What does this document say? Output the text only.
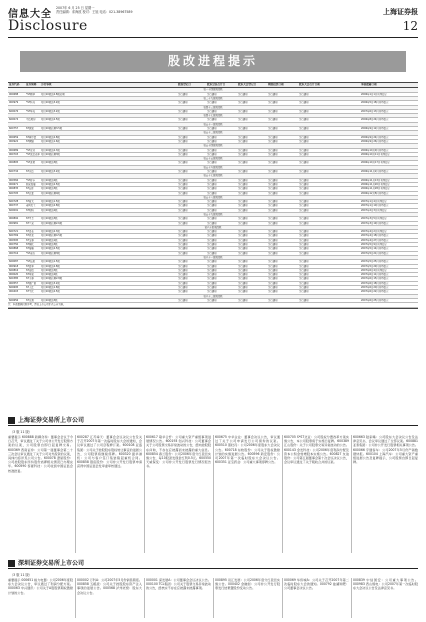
信息大全
2007年 6 月 25 日 星期一
责任编辑：邓海波 校对：王旭 电话：021-38967589	上海证券报
Disclosure	12
股改进程提示
证券代码	证券简称	另付事项	股权登记日	股东会议召开日	股东大会登记日	网络投票日期	股东大会召开日期	事前披露日期
第一十四批股改股
000688	*ST朝华	对价10股送2.8股转增	另行通知	另行通知	另行通知	另行通知	另行通知	2006年1月1日刊登提示
第二十九批股改股
000979	*ST科苑	对价10股送3.2股	另行通知	另行通知	另行通知	另行通知	另行通知	2006年5月18日刊登提示
第四十三批股改股
600076	*ST华光	对价10股送3.2股	另行通知	另行通知	另行通知	另行通知	另行通知	2007年6月13日刊登提示
第四十七批股改股
600074	中达股份	对价10股送2.5股	另行通知	另行通知	另行通知	另行通知	另行通知	2006年8月24日刊登提示
第五十一批股改股
600757	ST源发	对价10股转增3.5股	另行通知	另行通知	另行通知	另行通知	另行通知	2006年9月12日刊登提示
第五十二批股改股
000659	ST珠中富	对价10股送2.8股	另行通知	另行通知	另行通知	另行通知	另行通知	2006年9月24日刊登提示
000922	ST阿继	对价10股送1.6股	另行通知	另行通知	另行通知	另行通知	另行通知	2006年9月26日刊登提示
第五十四批股改股
000689	*ST宏业	对价10股送2.3股	另行通知	另行通知	另行通知	另行通知	另行通知	2006年10月9日刊登提示
000703	*ST世纪光华 对价10股转增3股	另行通知	另行通知	另行通知	另行通知	另行通知	2006年10月11日刊登提示
第五十五批股改股
000805	*ST炎黄	对价10股送3股	另行通知	另行通知	另行通知	另行通知	另行通知	2006年10月17日刊登提示
第五十六批股改股
600734	ST实达	对价10股送3.2股	另行通知	另行通知	另行通知	另行通知	另行通知	2006年11月2日刊登提示
第五十七批股改股
000584	*ST舒卡	对价10股送2股	另行通知	另行通知	另行通知	另行通知	另行通知	2006年11月13日刊登提示
000671	阳光发展	对价10股送2.5股	另行通知	另行通知	另行通知	另行通知	另行通知	2006年11月20日刊登提示
000835	ST长征	对价10股送3股	另行通知	另行通知	另行通知	另行通知	另行通知	2006年11月28日刊登提示
600705	ST北亚	对价10股转增4股	另行通知	另行通知	另行通知	另行通知	另行通知	2006年12月8日刊登提示
第五十八批股改股
600728	ST新太	对价10股送1.5股	另行通知	另行通知	另行通知	另行通知	另行通知	2007年1月4日刊登提示
000737	南风化工	对价10股送2.8股	另行通知	另行通知	另行通知	另行通知	另行通知	2007年1月10日刊登提示
600091	ST明科	对价10股送2股	另行通知	另行通知	另行通知	另行通知	另行通知	2007年2月3日刊登提示
第五十九批股改股
000892	ST星美	对价10股送3股	另行通知	另行通知	另行通知	另行通知	另行通知	2007年3月5日刊登提示
000981	ST兰光	对价10股转增2.6股	另行通知	另行通知	另行通知	另行通知	另行通知	2007年3月19日刊登提示
第六十批股改股
600721	ST百花	对价10股送2.3股	另行通知	另行通知	另行通知	另行通知	另行通知	2007年4月2日刊登提示
600769	ST祥龙	对价10股转增4.5股	另行通知	另行通知	另行通知	另行通知	另行通知	2007年4月18日刊登提示
000595	ST宝泰	对价10股送1股	另行通知	另行通知	另行通知	另行通知	另行通知	2007年4月27日刊登提示
000750	ST锦化	对价10股送3股	另行通知	另行通知	另行通知	另行通知	另行通知	2007年5月9日刊登提示
600868	ST梅雁	对价10股送2.5股	另行通知	另行通知	另行通知	另行通知	另行通知	2007年5月14日刊登提示
000716	*ST南方	对价10股转增3股	另行通知	另行通知	另行通知	另行通知	另行通知	2007年5月21日刊登提示
第六十一批股改股
600087	*ST长航	对价10股送1.5股	另行通知	另行通知	另行通知	另行通知	另行通知	2007年5月25日刊登提示
000918	ST亚华	对价10股送2.8股	另行通知	另行通知	另行通知	另行通知	另行通知	2007年5月29日刊登提示
600816	ST安信	对价10股送3股	另行通知	另行通知	另行通知	另行通知	另行通知	2007年6月4日刊登提示
000020	ST华发	对价10股送2股	另行通知	另行通知	另行通知	另行通知	另行通知	2007年6月11日刊登提示
600385	ST金泰	对价10股转增2.8股	另行通知	另行通知	另行通知	另行通知	另行通知	2007年6月15日刊登提示
000557	ST银广夏	对价10股送3.2股	另行通知	另行通知	另行通知	另行通知	另行通知	2007年6月18日刊登提示
600695	ST大江	对价10股送1.8股	另行通知	另行通知	另行通知	另行通知	另行通知	2007年6月20日刊登提示
000403	ST生化	对价10股送2.5股	另行通知	另行通知	另行通知	另行通知	另行通知	2007年6月22日刊登提示
第六十二批股改股
600656	ST方源	对价10股送3股	另行通知	另行通知	另行通知	另行通知	另行通知	2007年6月25日刊登提示
注：本表数据仅供参考，请以上市公司正式公告为准。
上海证券交易所上市公司
（3 版 11 版）
重要提示 600888 新疆众和：董事会会议于今日召开，审议通过了关于公司非公开发行股票方案的议案，公司股票自即日起复牌交易。600369 西南证券：公司第一届董事会第二十三次会议审议通过了关于公司对外投资的议案，具体内容详见公司公告。600078 澄星股份：公司控股股东所持股份质押相关情况已办理完毕。600590 泰豪科技：公司收到中国证监会核准批复。
600287 江苏舜天：董事会会议决议公告及关于召开2007年第一次临时股东大会的通知，会议审议通过了公司章程修订案。600108 亚盛集团：公司关于控股股东股权转让事宜的进展公告，公司股票将继续停牌。600320 振华港机：公司与客户签订集装箱起重机合同。600858 银座股份：公司非公开发行股票申请获得中国证监会发审委审核通过。
600617 联华合纤：公司重大资产重组事项进展情况公告。600193 创兴科技：公司董事会关于公司股票交易异常波动的公告，经向控股股东问询，不存在应披露而未披露的重大信息。600854 春兰股份：公司2006年度分红派息实施公告，每10股派发现金红利0.5元。600550 天威保变：公司非公开发行股票发行情况报告书。
600675 中华企业：董事会决议公告，审议通过了关于公司申请发行公司债券的议案。600510 黑牡丹：公司2006年度股东大会决议公告。600718 东软股份：公司关于股权激励计划的实施进展公告。600596 新安股份：公司2007年第一次临时股东大会决议公告。600351 亚宝药业：公司重大事项停牌公告。
600705 S*ST北亚：公司股权分置改革方案实施公告，本公司股票将于实施日复牌。600389 江山股份：关于公司股票交易异常波动的公告。600143 金发科技：公司2006年度利润分配及资本公积金转增股本实施公告。600827 友谊股份：公司第五届董事会第十次会议决议公告，会议审议通过了关于吸收合并的议案。
600663 陆家嘴：公司股东大会决议公告及法律意见书，会议审议通过了全部议案。600881 亚泰集团：公司非公开发行股票相关事项公告。600066 宇通客车：公司2007年5月份产销数据快报。600104 上海汽车：公司重大资产重组进展公告及复牌提示，公司股票自即日起复牌。
深圳证券交易所上市公司
（3 版 11 版）
重要提示 000651 格力电器：公司2006年度股东大会决议公告，审议通过了利润分配方案。000063 中兴通讯：公司关于A股股票期权激励计划的公告。
000002 万科A：公司2007年5月份销售简报。000858 五粮液：公司关于控股股东资产注入事项的进展公告。000568 泸州老窖：股东大会决议公告。
000001 深发展A：公司董事会会议决议公告。000100 TCL集团：公司关于股票交易异常波动的公告，经核实不存在应披露未披露事项。
000895 双汇发展：公司2006年度分红派息实施公告。000402 金融街：公司非公开发行股票发行结果暨股份变动公告。
000069 华侨城A：公司关于召开2007年第二次临时股东大会的通知。000792 盐湖钾肥：公司董事会决议公告。
000839 中信国安：公司重大事项公告。000983 西山煤电：公司2007年第一次临时股东大会决议公告及法律意见书。
